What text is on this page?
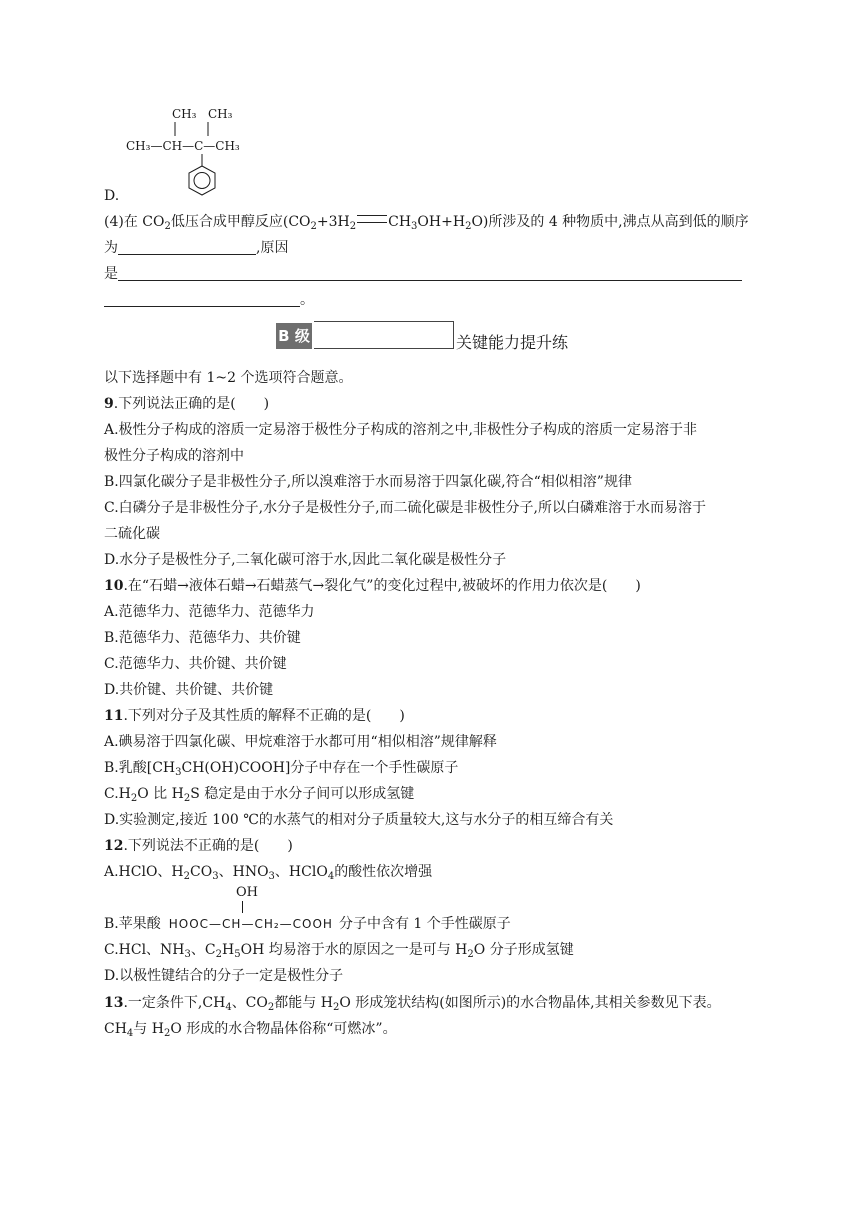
CH₃ CH₃
CH₃—CH—C—CH₃
D.
(4)在 $CO_2$低压合成甲醇反应($CO_2+3H_2$ $CH_3OH+H_2O$)所涉及的 4 种物质中,沸点从高到低的顺序
为	,原因
是
。
B 级	关键能力提升练
以下选择题中有 1~2 个选项符合题意。
9.下列说法正确的是(　　)
A.极性分子构成的溶质一定易溶于极性分子构成的溶剂之中,非极性分子构成的溶质一定易溶于非
极性分子构成的溶剂中
B.四氯化碳分子是非极性分子,所以溴难溶于水而易溶于四氯化碳,符合“相似相溶”规律
C.白磷分子是非极性分子,水分子是极性分子,而二硫化碳是非极性分子,所以白磷难溶于水而易溶于
二硫化碳
D.水分子是极性分子,二氧化碳可溶于水,因此二氧化碳是极性分子
10.在“石蜡→液体石蜡→石蜡蒸气→裂化气”的变化过程中,被破坏的作用力依次是(　　)
A.范德华力、范德华力、范德华力
B.范德华力、范德华力、共价键
C.范德华力、共价键、共价键
D.共价键、共价键、共价键
11.下列对分子及其性质的解释不正确的是(　　)
A.碘易溶于四氯化碳、甲烷难溶于水都可用“相似相溶”规律解释
B.乳酸$[CH_3CH(OH)COOH]$分子中存在一个手性碳原子
$C.H_2O$ 比 $H_2S$ 稳定是由于水分子间可以形成氢键
D.实验测定,接近 100 ℃的水蒸气的相对分子质量较大,这与水分子的相互缔合有关
12.下列说法不正确的是(　　)
A.HClO、$H_2CO_3$、$HNO_3$、HClO$_4$的酸性依次增强
OH
B.苹果酸 HOOC—CH—CH₂—COOH 分子中含有 1 个手性碳原子
C.HCl、$NH_3$、$C_2H_5OH$ 均易溶于水的原因之一是可与 $H_2O$ 分子形成氢键
D.以极性键结合的分子一定是极性分子
13.一定条件下$,CH_4$、$CO_2$都能与 $H_2O$ 形成笼状结构(如图所示)的水合物晶体,其相关参数见下表。
$CH_4$与 $H_2O$ 形成的水合物晶体俗称“可燃冰”。
